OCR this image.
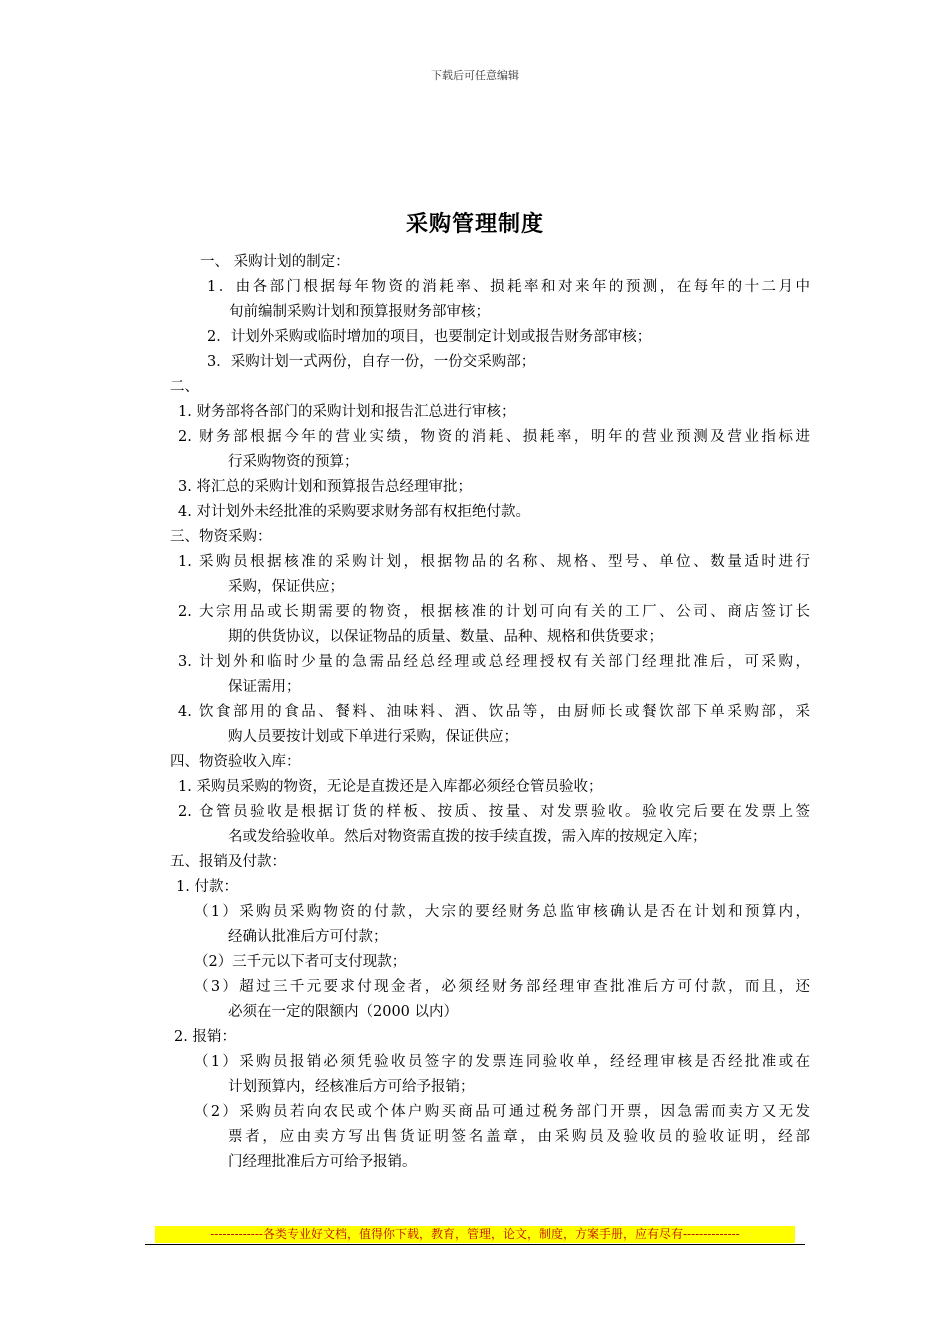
下载后可任意编辑
采购管理制度
一、 采购计划的制定：
1．由各部门根据每年物资的消耗率、损耗率和对来年的预测，在每年的十二月中
旬前编制采购计划和预算报财务部审核；
2．计划外采购或临时增加的项目，也要制定计划或报告财务部审核；
3．采购计划一式两份，自存一份，一份交采购部；
二、
1. 财务部将各部门的采购计划和报告汇总进行审核；
2. 财务部根据今年的营业实绩，物资的消耗、损耗率，明年的营业预测及营业指标进
行采购物资的预算；
3. 将汇总的采购计划和预算报告总经理审批；
4. 对计划外未经批准的采购要求财务部有权拒绝付款。
三、物资采购：
1. 采购员根据核准的采购计划，根据物品的名称、规格、型号、单位、数量适时进行
采购，保证供应；
2. 大宗用品或长期需要的物资，根据核准的计划可向有关的工厂、公司、商店签订长
期的供货协议，以保证物品的质量、数量、品种、规格和供货要求；
3. 计划外和临时少量的急需品经总经理或总经理授权有关部门经理批准后，可采购，
保证需用；
4. 饮食部用的食品、餐料、油味料、酒、饮品等，由厨师长或餐饮部下单采购部，采
购人员要按计划或下单进行采购，保证供应；
四、物资验收入库：
1. 采购员采购的物资，无论是直拨还是入库都必须经仓管员验收；
2. 仓管员验收是根据订货的样板、按质、按量、对发票验收。验收完后要在发票上签
名或发给验收单。然后对物资需直拨的按手续直拨，需入库的按规定入库；
五、报销及付款：
1. 付款：
（1）采购员采购物资的付款，大宗的要经财务总监审核确认是否在计划和预算内，
经确认批准后方可付款；
（2）三千元以下者可支付现款；
（3）超过三千元要求付现金者，必须经财务部经理审查批准后方可付款，而且，还
必须在一定的限额内（2000 以内）
2. 报销：
（1）采购员报销必须凭验收员签字的发票连同验收单，经经理审核是否经批准或在
计划预算内，经核准后方可给予报销；
（2）采购员若向农民或个体户购买商品可通过税务部门开票，因急需而卖方又无发
票者，应由卖方写出售货证明签名盖章，由采购员及验收员的验收证明，经部
门经理批准后方可给予报销。
-------------各类专业好文档，值得你下载，教育，管理，论文，制度，方案手册，应有尽有--------------
